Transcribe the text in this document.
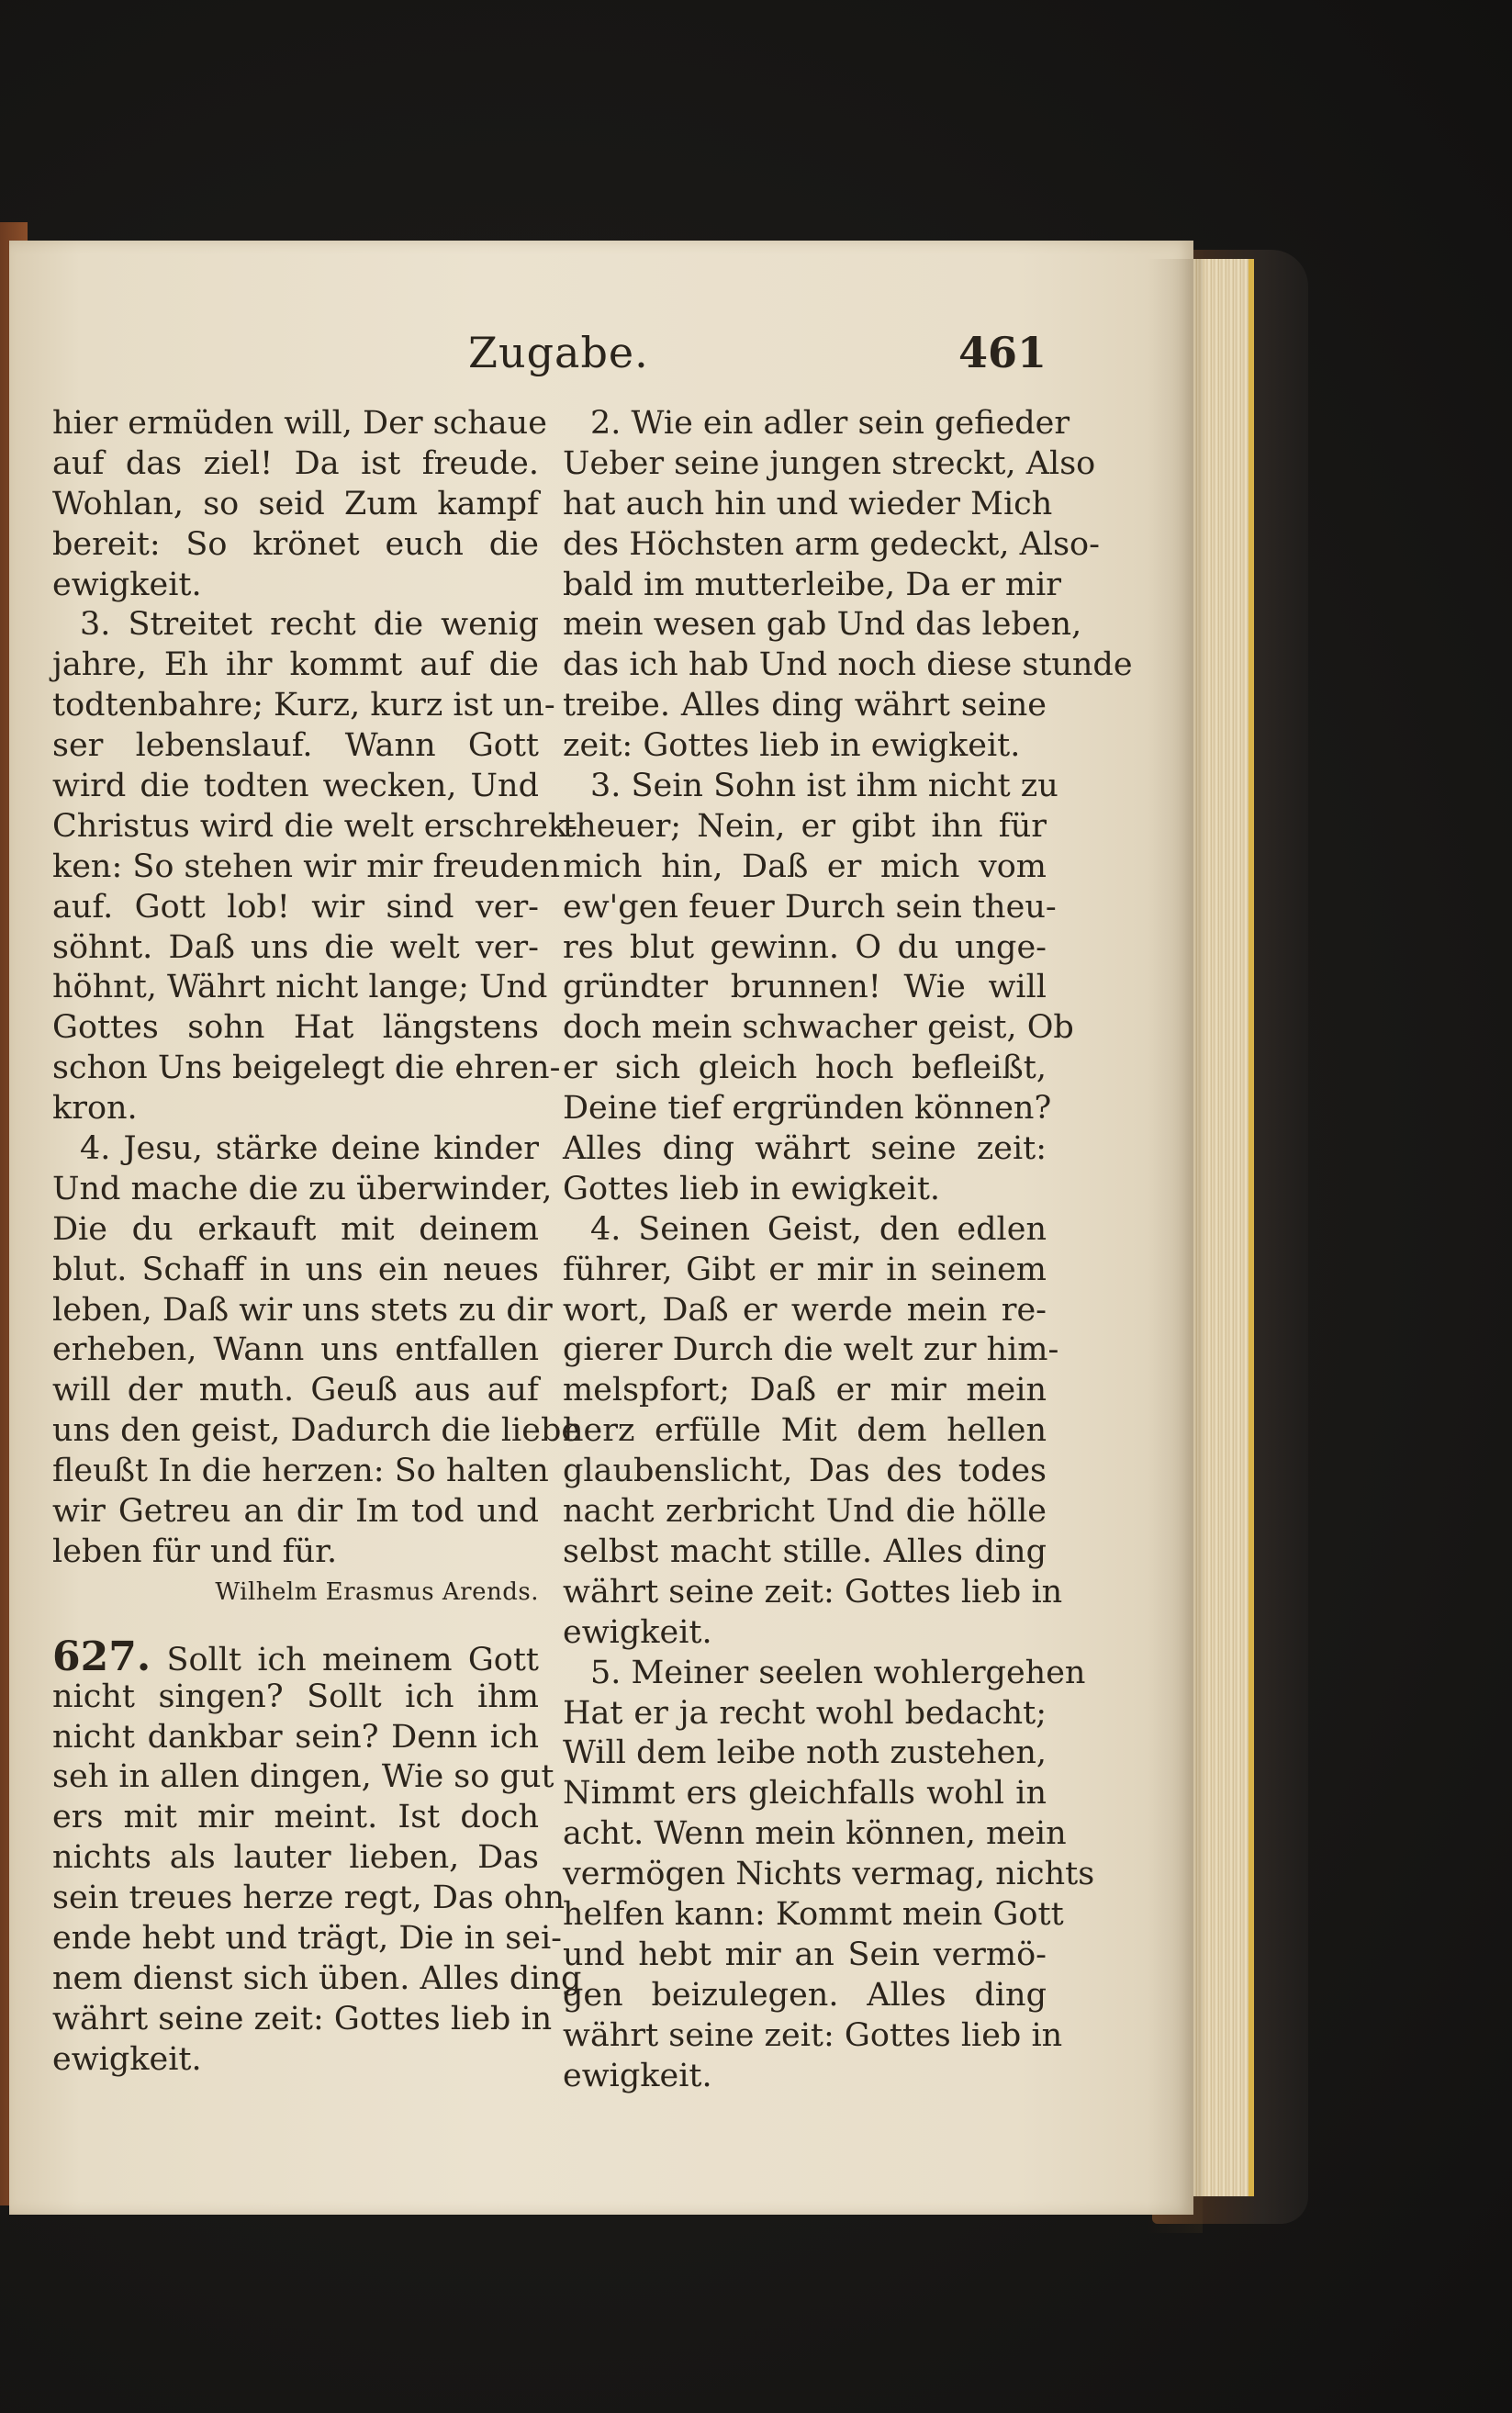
Zugabe.	461
hier ermüden will, Der schaue
auf das ziel! Da ist freude.
Wohlan, so seid Zum kampf
bereit: So krönet euch die
ewigkeit.
3. Streitet recht die wenig
jahre, Eh ihr kommt auf die
todtenbahre; Kurz, kurz ist un-
ser lebenslauf. Wann Gott
wird die todten wecken, Und
Christus wird die welt erschrek-
ken: So stehen wir mir freuden
auf. Gott lob! wir sind ver-
söhnt. Daß uns die welt ver-
höhnt, Währt nicht lange; Und
Gottes sohn Hat längstens
schon Uns beigelegt die ehren-
kron.
4. Jesu, stärke deine kinder
Und mache die zu überwinder,
Die du erkauft mit deinem
blut. Schaff in uns ein neues
leben, Daß wir uns stets zu dir
erheben, Wann uns entfallen
will der muth. Geuß aus auf
uns den geist, Dadurch die liebe
fleußt In die herzen: So halten
wir Getreu an dir Im tod und
leben für und für.
Wilhelm Erasmus Arends.
627. Sollt ich meinem Gott
nicht singen? Sollt ich ihm
nicht dankbar sein? Denn ich
seh in allen dingen, Wie so gut
ers mit mir meint. Ist doch
nichts als lauter lieben, Das
sein treues herze regt, Das ohn
ende hebt und trägt, Die in sei-
nem dienst sich üben. Alles ding
währt seine zeit: Gottes lieb in
ewigkeit.
2. Wie ein adler sein gefieder
Ueber seine jungen streckt, Also
hat auch hin und wieder Mich
des Höchsten arm gedeckt, Also-
bald im mutterleibe, Da er mir
mein wesen gab Und das leben,
das ich hab Und noch diese stunde
treibe. Alles ding währt seine
zeit: Gottes lieb in ewigkeit.
3. Sein Sohn ist ihm nicht zu
theuer; Nein, er gibt ihn für
mich hin, Daß er mich vom
ew'gen feuer Durch sein theu-
res blut gewinn. O du unge-
gründter brunnen! Wie will
doch mein schwacher geist, Ob
er sich gleich hoch befleißt,
Deine tief ergründen können?
Alles ding währt seine zeit:
Gottes lieb in ewigkeit.
4. Seinen Geist, den edlen
führer, Gibt er mir in seinem
wort, Daß er werde mein re-
gierer Durch die welt zur him-
melspfort; Daß er mir mein
herz erfülle Mit dem hellen
glaubenslicht, Das des todes
nacht zerbricht Und die hölle
selbst macht stille. Alles ding
währt seine zeit: Gottes lieb in
ewigkeit.
5. Meiner seelen wohlergehen
Hat er ja recht wohl bedacht;
Will dem leibe noth zustehen,
Nimmt ers gleichfalls wohl in
acht. Wenn mein können, mein
vermögen Nichts vermag, nichts
helfen kann: Kommt mein Gott
und hebt mir an Sein vermö-
gen beizulegen. Alles ding
währt seine zeit: Gottes lieb in
ewigkeit.
